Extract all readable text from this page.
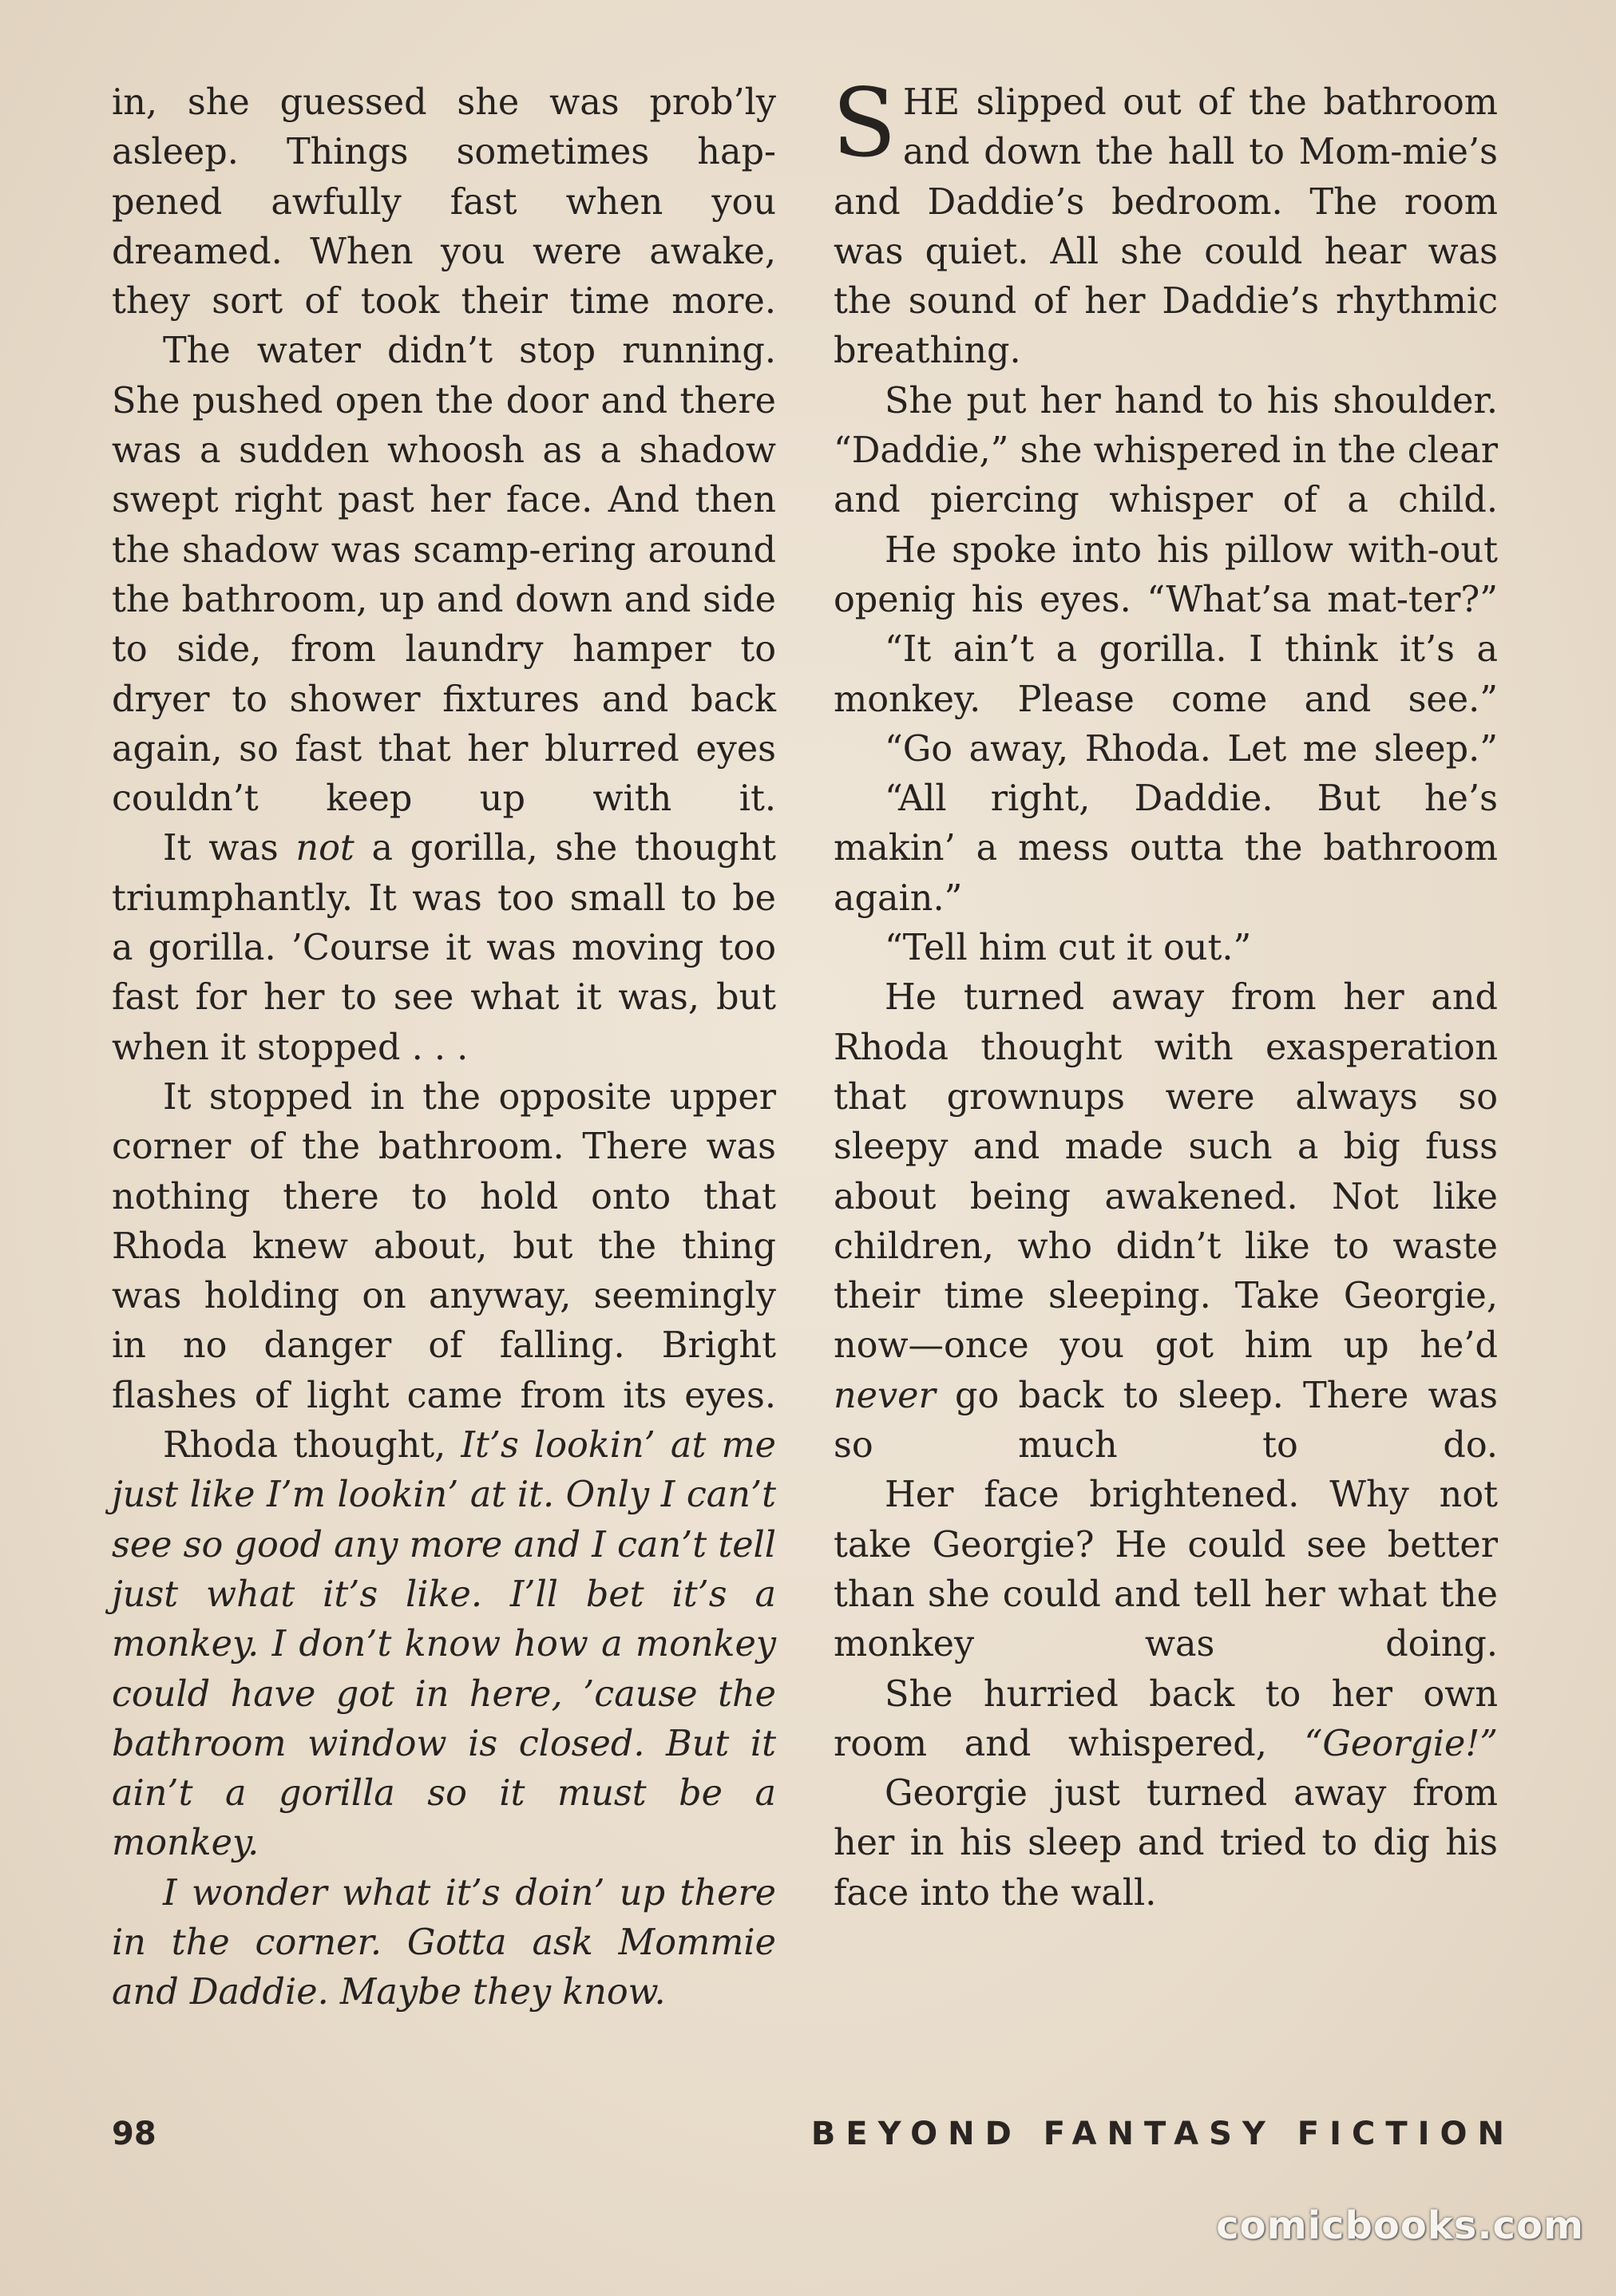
in, she guessed she was prob’ly asleep. Things sometimes hap-pened awfully fast when you dreamed. When you were awake, they sort of took their time more.

The water didn’t stop running. She pushed open the door and there was a sudden whoosh as a shadow swept right past her face. And then the shadow was scamp-ering around the bathroom, up and down and side to side, from laundry hamper to dryer to shower fixtures and back again, so fast that her blurred eyes couldn’t keep up with it.

It was not a gorilla, she thought triumphantly. It was too small to be a gorilla. ’Course it was moving too fast for her to see what it was, but when it stopped . . .

It stopped in the opposite upper corner of the bathroom. There was nothing there to hold onto that Rhoda knew about, but the thing was holding on anyway, seemingly in no danger of falling. Bright flashes of light came from its eyes.

Rhoda thought, It’s lookin’ at me just like I’m lookin’ at it. Only I can’t see so good any more and I can’t tell just what it’s like. I’ll bet it’s a monkey. I don’t know how a monkey could have got in here, ’cause the bathroom window is closed. But it ain’t a gorilla so it must be a monkey.

I wonder what it’s doin’ up there in the corner. Gotta ask Mommie and Daddie. Maybe they know.

SHE slipped out of the bathroom and down the hall to Mom-mie’s and Daddie’s bedroom. The room was quiet. All she could hear was the sound of her Daddie’s rhythmic breathing.

She put her hand to his shoulder. “Daddie,” she whispered in the clear and piercing whisper of a child.

He spoke into his pillow with-out openig his eyes. “What’sa mat-ter?”

“It ain’t a gorilla. I think it’s a monkey. Please come and see.”

“Go away, Rhoda. Let me sleep.”

“All right, Daddie. But he’s makin’ a mess outta the bathroom again.”

“Tell him cut it out.”

He turned away from her and Rhoda thought with exasperation that grownups were always so sleepy and made such a big fuss about being awakened. Not like children, who didn’t like to waste their time sleeping. Take Georgie, now—once you got him up he’d never go back to sleep. There was so much to do.

Her face brightened. Why not take Georgie? He could see better than she could and tell her what the monkey was doing.

She hurried back to her own room and whispered, “Georgie!”

Georgie just turned away from her in his sleep and tried to dig his face into the wall.

98	BEYOND FANTASY FICTION
comicbooks.com
